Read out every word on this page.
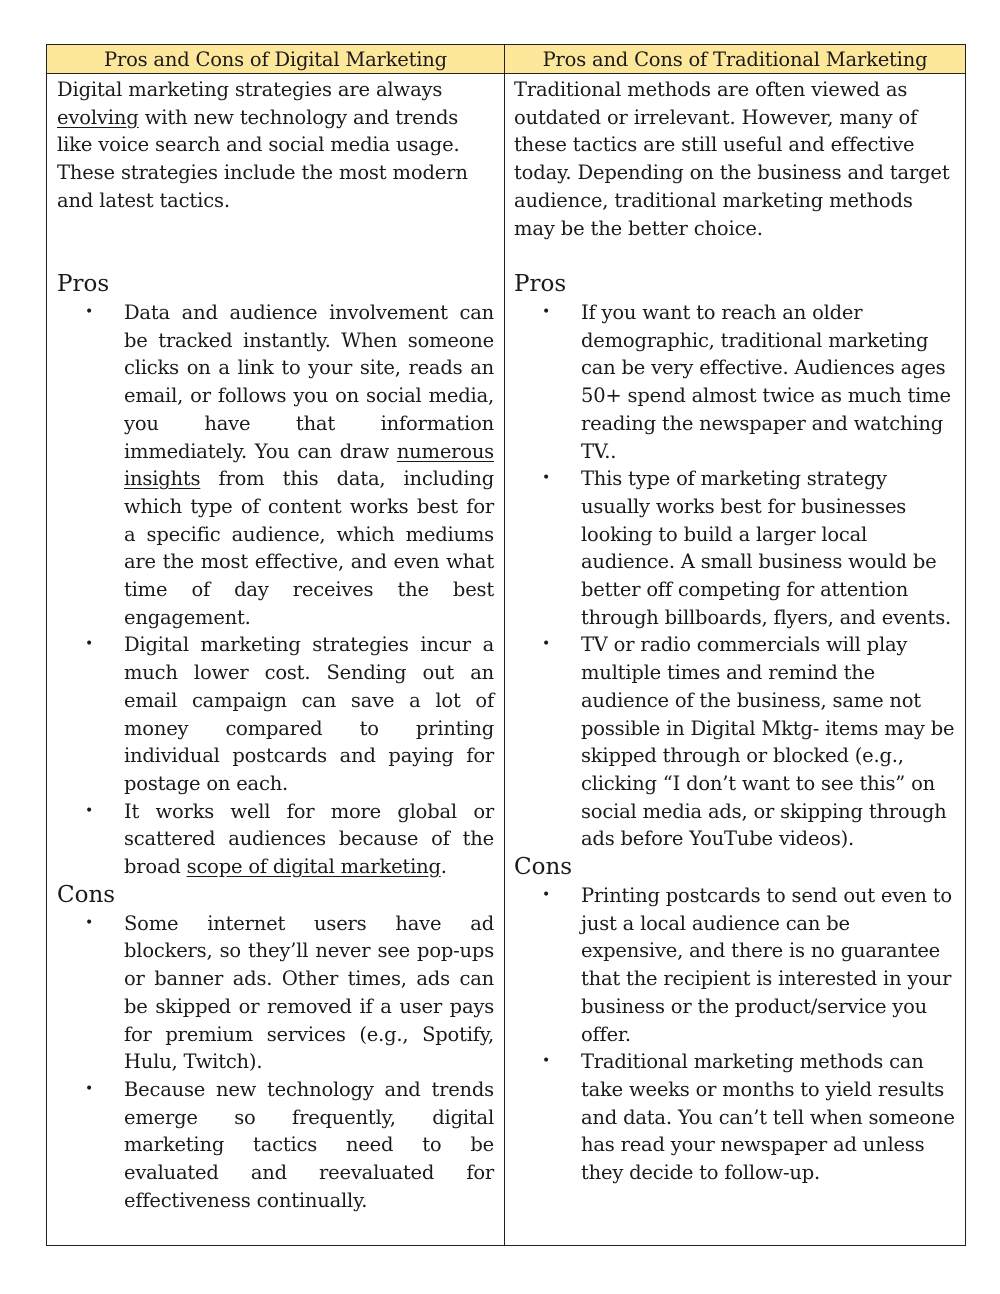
Pros and Cons of Digital Marketing	Pros and Cons of Traditional Marketing

Digital marketing strategies are always evolving with new technology and trends like voice search and social media usage. These strategies include the most modern and latest tactics.

Pros
• Data and audience involvement can be tracked instantly. When someone clicks on a link to your site, reads an email, or follows you on social media, you have that information immediately. You can draw numerous insights from this data, including which type of content works best for a specific audience, which mediums are the most effective, and even what time of day receives the best engagement.
• Digital marketing strategies incur a much lower cost. Sending out an email campaign can save a lot of money compared to printing individual postcards and paying for postage on each.
• It works well for more global or scattered audiences because of the broad scope of digital marketing.
Cons
• Some internet users have ad blockers, so they’ll never see pop-ups or banner ads. Other times, ads can be skipped or removed if a user pays for premium services (e.g., Spotify, Hulu, Twitch).
• Because new technology and trends emerge so frequently, digital marketing tactics need to be evaluated and reevaluated for effectiveness continually.

Traditional methods are often viewed as outdated or irrelevant. However, many of these tactics are still useful and effective today. Depending on the business and target audience, traditional marketing methods may be the better choice.

Pros
• If you want to reach an older demographic, traditional marketing can be very effective. Audiences ages 50+ spend almost twice as much time reading the newspaper and watching TV..
• This type of marketing strategy usually works best for businesses looking to build a larger local audience. A small business would be better off competing for attention through billboards, flyers, and events.
• TV or radio commercials will play multiple times and remind the audience of the business, same not possible in Digital Mktg- items may be skipped through or blocked (e.g., clicking “I don’t want to see this” on social media ads, or skipping through ads before YouTube videos).
Cons
• Printing postcards to send out even to just a local audience can be expensive, and there is no guarantee that the recipient is interested in your business or the product/service you offer.
• Traditional marketing methods can take weeks or months to yield results and data. You can’t tell when someone has read your newspaper ad unless they decide to follow-up.
